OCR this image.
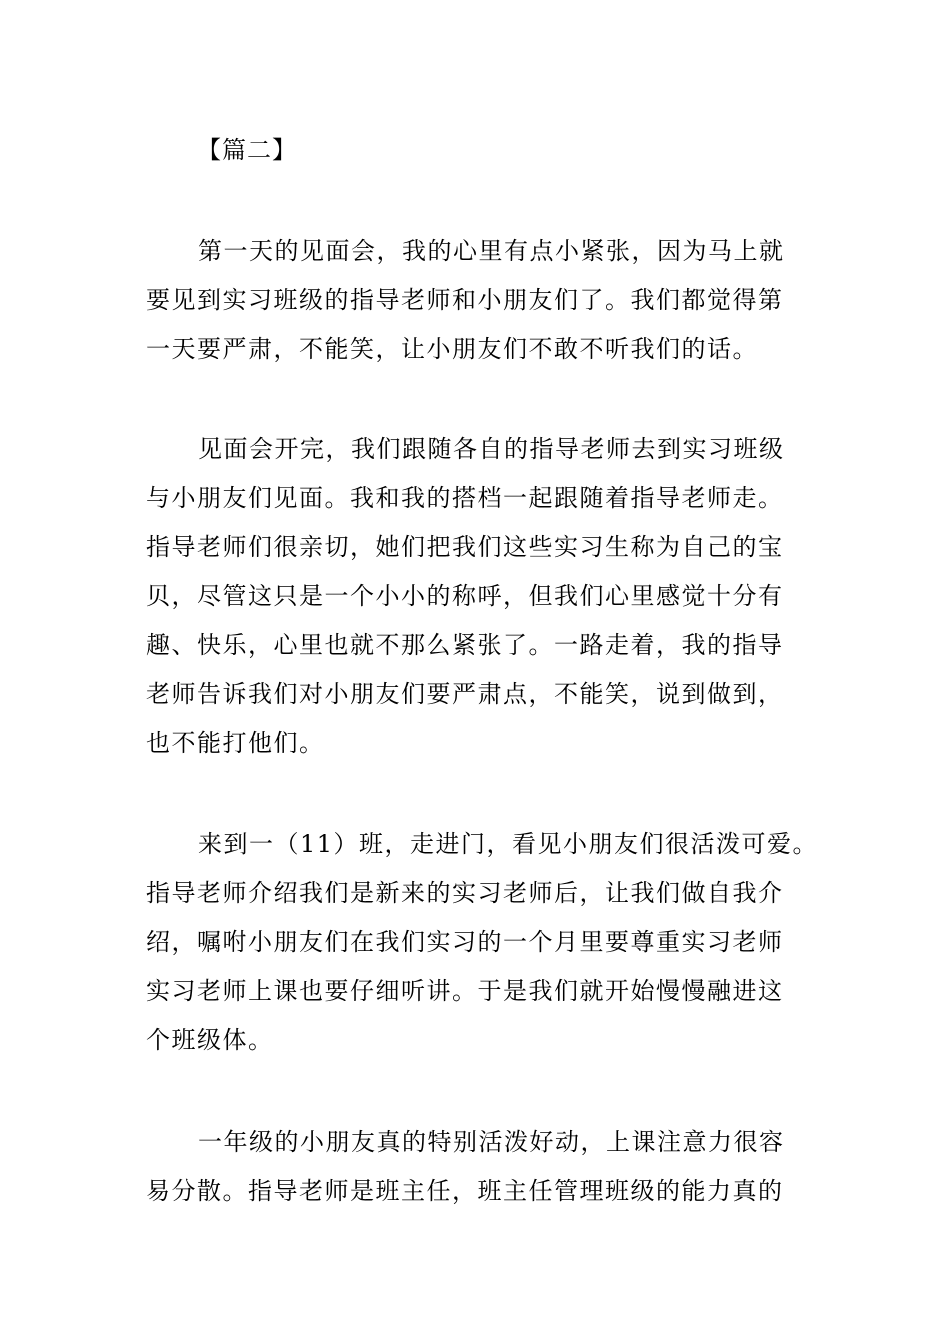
【篇二】
第一天的见面会，我的心里有点小紧张，因为马上就
要见到实习班级的指导老师和小朋友们了。我们都觉得第
一天要严肃，不能笑，让小朋友们不敢不听我们的话。
见面会开完，我们跟随各自的指导老师去到实习班级
与小朋友们见面。我和我的搭档一起跟随着指导老师走。
指导老师们很亲切，她们把我们这些实习生称为自己的宝
贝，尽管这只是一个小小的称呼，但我们心里感觉十分有
趣、快乐，心里也就不那么紧张了。一路走着，我的指导
老师告诉我们对小朋友们要严肃点，不能笑，说到做到，
也不能打他们。
来到一（11）班，走进门，看见小朋友们很活泼可爱。
指导老师介绍我们是新来的实习老师后，让我们做自我介
绍，嘱咐小朋友们在我们实习的一个月里要尊重实习老师
实习老师上课也要仔细听讲。于是我们就开始慢慢融进这
个班级体。
一年级的小朋友真的特别活泼好动，上课注意力很容
易分散。指导老师是班主任，班主任管理班级的能力真的
